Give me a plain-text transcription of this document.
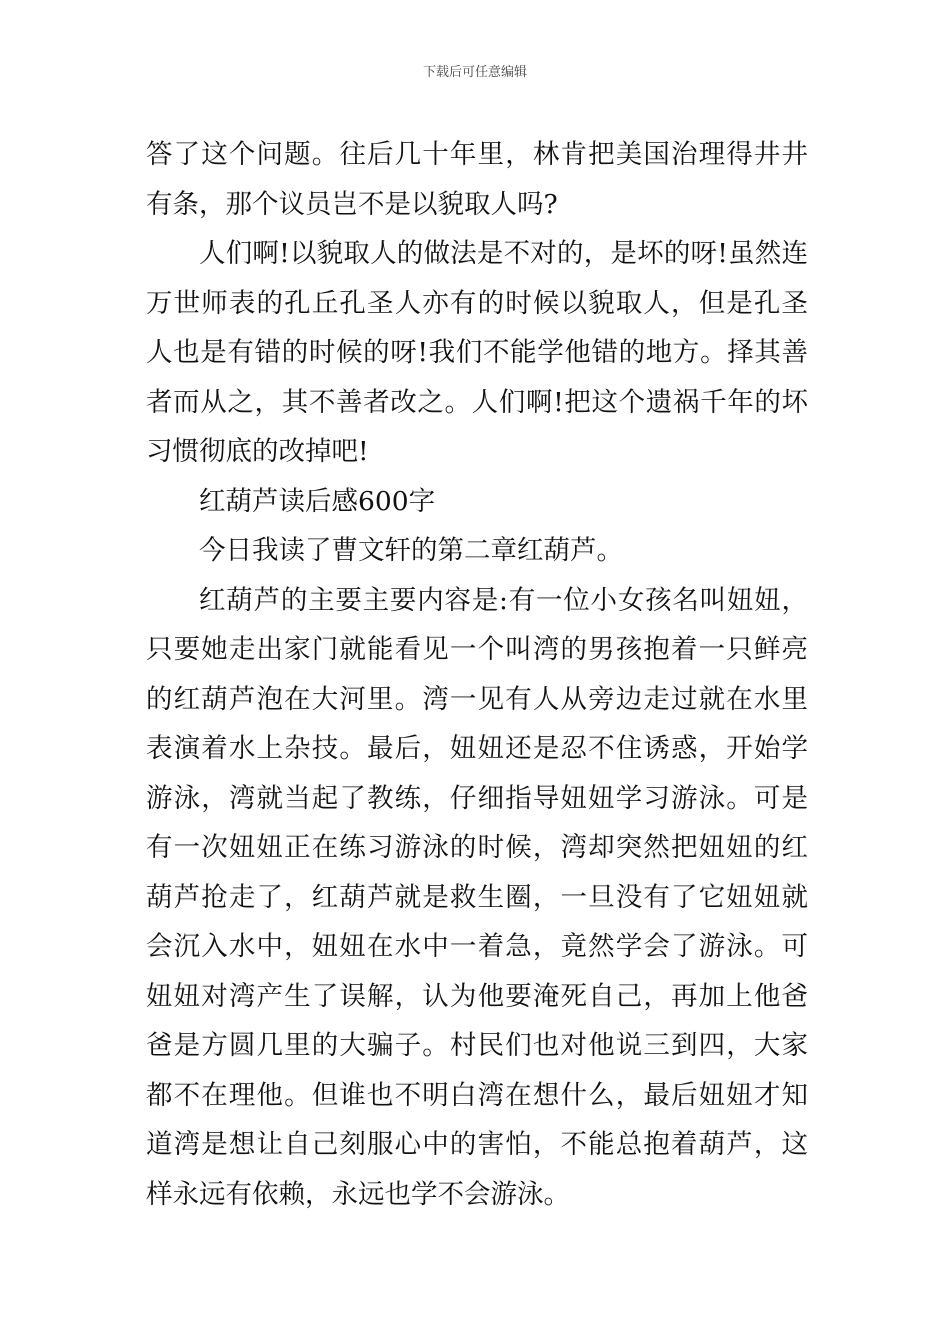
下载后可任意编辑

答了这个问题。往后几十年里，林肯把美国治理得井井有条，那个议员岂不是以貌取人吗?

人们啊!以貌取人的做法是不对的，是坏的呀!虽然连万世师表的孔丘孔圣人亦有的时候以貌取人，但是孔圣人也是有错的时候的呀!我们不能学他错的地方。择其善者而从之，其不善者改之。人们啊!把这个遗祸千年的坏习惯彻底的改掉吧!

红葫芦读后感600字

今日我读了曹文轩的第二章红葫芦。

红葫芦的主要主要内容是:有一位小女孩名叫妞妞，只要她走出家门就能看见一个叫湾的男孩抱着一只鲜亮的红葫芦泡在大河里。湾一见有人从旁边走过就在水里表演着水上杂技。最后，妞妞还是忍不住诱惑，开始学游泳，湾就当起了教练，仔细指导妞妞学习游泳。可是有一次妞妞正在练习游泳的时候，湾却突然把妞妞的红葫芦抢走了，红葫芦就是救生圈，一旦没有了它妞妞就会沉入水中，妞妞在水中一着急，竟然学会了游泳。可妞妞对湾产生了误解，认为他要淹死自己，再加上他爸爸是方圆几里的大骗子。村民们也对他说三到四，大家都不在理他。但谁也不明白湾在想什么，最后妞妞才知道湾是想让自己刻服心中的害怕，不能总抱着葫芦，这样永远有依赖，永远也学不会游泳。
